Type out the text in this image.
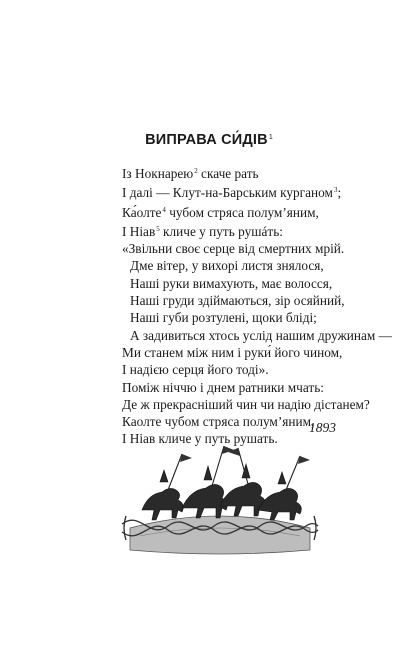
ВИПРАВА СИ́ДІВ$^1$
Із Нокнарею$^2$ скаче рать
І далі — Клут-на-Барським курганом$^3$;
Ка́олте$^4$ чубом стряса полум’яним,
І Ніав$^5$ кличе у путь рушáть:
«Звільни своє серце від смертних мрій.
Дме вітер, у вихорі листя знялося,
Наші руки вимахують, має волосся,
Наші груди здіймаються, зір осяйний,
Наші губи розтулені, щоки бліді;
А задивиться хтось услід нашим дружинам —
Ми станем між ним і руки́ його чином,
І надією серця його тоді».
Поміж ніччю і днем ратники мчать:
Де ж прекрасніший чин чи надію дістанем?
Каолте чубом стряса полум’яним,
І Ніав кличе у путь рушать.
1893
